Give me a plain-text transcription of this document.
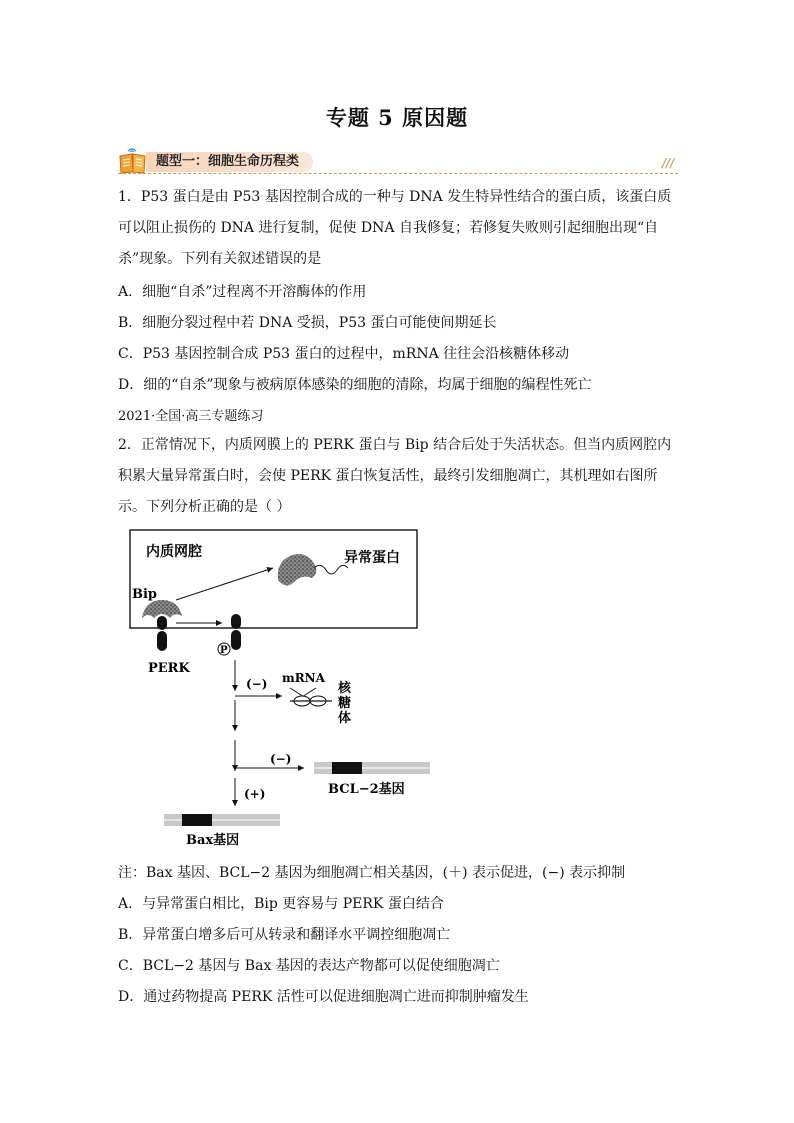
专题 5 原因题
题型一：细胞生命历程类	///
1．P53 蛋白是由 P53 基因控制合成的一种与 DNA 发生特异性结合的蛋白质，该蛋白质可以阻止损伤的 DNA 进行复制，促使 DNA 自我修复；若修复失败则引起细胞出现“自杀”现象。下列有关叙述错误的是
A．细胞“自杀”过程离不开溶酶体的作用
B．细胞分裂过程中若 DNA 受损，P53 蛋白可能使间期延长
C．P53 基因控制合成 P53 蛋白的过程中，mRNA 往往会沿核糖体移动
D．细的“自杀”现象与被病原体感染的细胞的清除，均属于细胞的编程性死亡
2021·全国·高三专题练习
2．正常情况下，内质网膜上的 PERK 蛋白与 Bip 结合后处于失活状态。但当内质网腔内积累大量异常蛋白时，会使 PERK 蛋白恢复活性，最终引发细胞凋亡，其机理如右图所示。下列分析正确的是（ ）
内质网腔	异常蛋白
Bip
PERK
P
(−) mRNA
核
糖
体
(−)
BCL−2基因
(+)
Bax基因
注：Bax 基因、BCL−2 基因为细胞凋亡相关基因，(＋) 表示促进，(−) 表示抑制
A．与异常蛋白相比，Bip 更容易与 PERK 蛋白结合
B．异常蛋白增多后可从转录和翻译水平调控细胞凋亡
C．BCL−2 基因与 Bax 基因的表达产物都可以促使细胞凋亡
D．通过药物提高 PERK 活性可以促进细胞凋亡进而抑制肿瘤发生
